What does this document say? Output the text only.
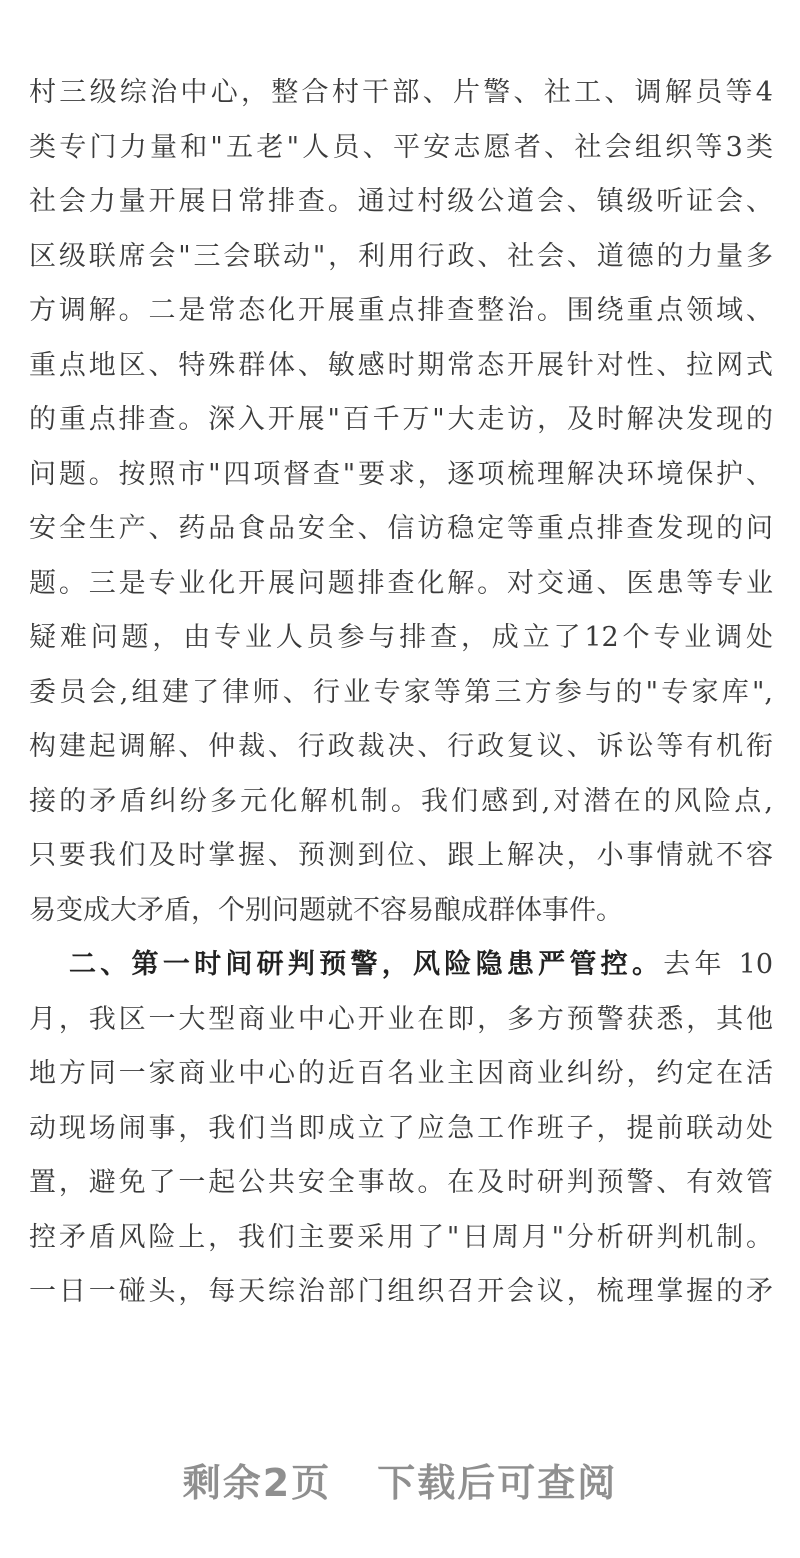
村三级综治中心，整合村干部、片警、社工、调解员等4
类专门力量和"五老"人员、平安志愿者、社会组织等3类
社会力量开展日常排查。通过村级公道会、镇级听证会、
区级联席会"三会联动"，利用行政、社会、道德的力量多
方调解。二是常态化开展重点排查整治。围绕重点领域、
重点地区、特殊群体、敏感时期常态开展针对性、拉网式
的重点排查。深入开展"百千万"大走访，及时解决发现的
问题。按照市"四项督查"要求，逐项梳理解决环境保护、
安全生产、药品食品安全、信访稳定等重点排查发现的问
题。三是专业化开展问题排查化解。对交通、医患等专业
疑难问题，由专业人员参与排查，成立了12个专业调处
委员会,组建了律师、行业专家等第三方参与的"专家库",
构建起调解、仲裁、行政裁决、行政复议、诉讼等有机衔
接的矛盾纠纷多元化解机制。我们感到,对潜在的风险点,
只要我们及时掌握、预测到位、跟上解决，小事情就不容
易变成大矛盾，个别问题就不容易酿成群体事件。
二、第一时间研判预警，风险隐患严管控。去年 10
月，我区一大型商业中心开业在即，多方预警获悉，其他
地方同一家商业中心的近百名业主因商业纠纷，约定在活
动现场闹事，我们当即成立了应急工作班子，提前联动处
置，避免了一起公共安全事故。在及时研判预警、有效管
控矛盾风险上，我们主要采用了"日周月"分析研判机制。
一日一碰头，每天综治部门组织召开会议，梳理掌握的矛
剩余2页 下载后可查阅
